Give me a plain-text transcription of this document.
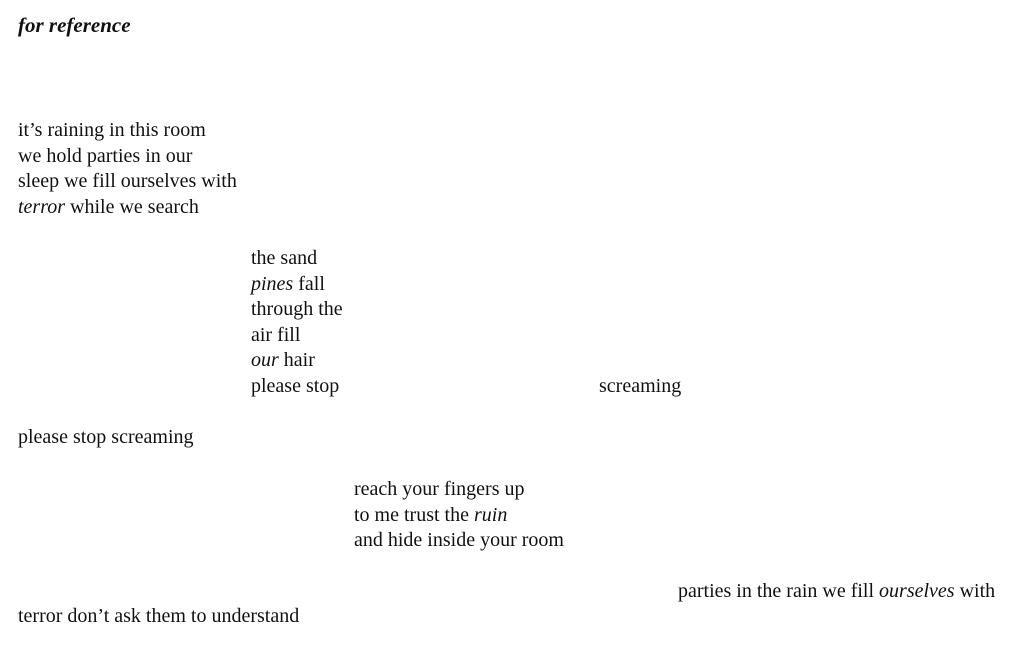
for reference
it’s raining in this room
we hold parties in our
sleep we fill ourselves with
terror while we search
the sand
pines fall
through the
air fill
our hair
please stop	screaming
please stop screaming
reach your fingers up
to me trust the ruin
and hide inside your room
parties in the rain we fill ourselves with
terror don’t ask them to understand
